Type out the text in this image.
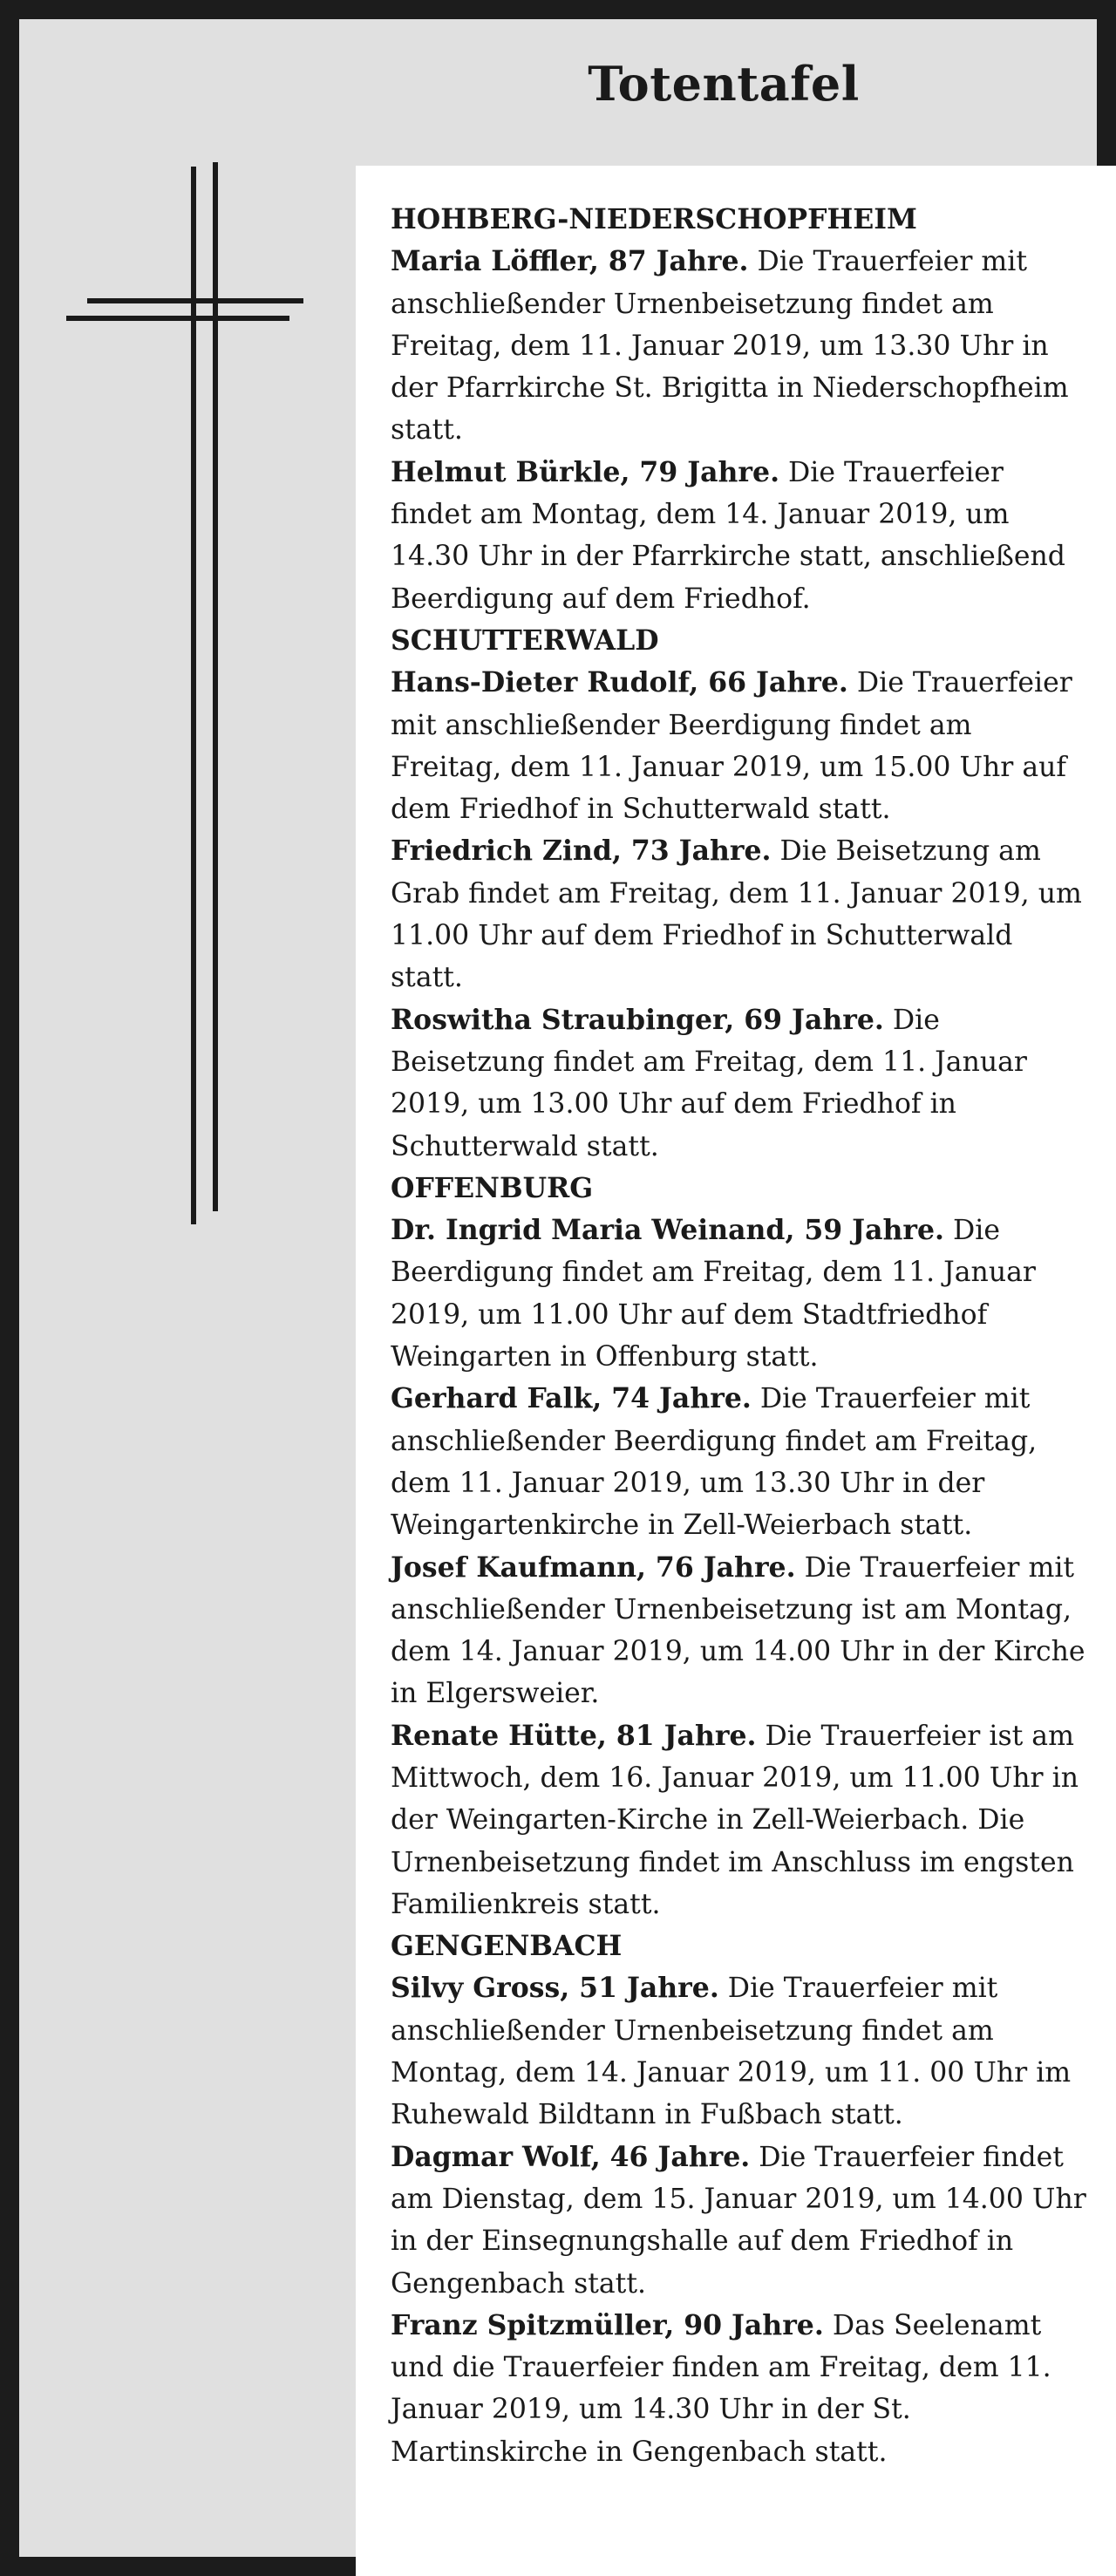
Totentafel
HOHBERG-NIEDERSCHOPFHEIM
Maria Löffler, 87 Jahre. Die Trauerfeier mit anschließender Urnenbeisetzung findet am Freitag, dem 11. Januar 2019, um 13.30 Uhr in der Pfarrkirche St. Brigitta in Niederschopfheim statt.
Helmut Bürkle, 79 Jahre. Die Trauerfeier findet am Montag, dem 14. Januar 2019, um 14.30 Uhr in der Pfarrkirche statt, anschließend Beerdigung auf dem Friedhof.
SCHUTTERWALD
Hans-Dieter Rudolf, 66 Jahre. Die Trauerfeier mit anschließender Beerdigung findet am Freitag, dem 11. Januar 2019, um 15.00 Uhr auf dem Friedhof in Schutterwald statt.
Friedrich Zind, 73 Jahre. Die Beisetzung am Grab findet am Freitag, dem 11. Januar 2019, um 11.00 Uhr auf dem Friedhof in Schutterwald statt.
Roswitha Straubinger, 69 Jahre. Die Beisetzung findet am Freitag, dem 11. Januar 2019, um 13.00 Uhr auf dem Friedhof in Schutterwald statt.
OFFENBURG
Dr. Ingrid Maria Weinand, 59 Jahre. Die Beerdigung findet am Freitag, dem 11. Januar 2019, um 11.00 Uhr auf dem Stadtfriedhof Weingarten in Offenburg statt.
Gerhard Falk, 74 Jahre. Die Trauerfeier mit anschließender Beerdigung findet am Freitag, dem 11. Januar 2019, um 13.30 Uhr in der Weingartenkirche in Zell-Weierbach statt.
Josef Kaufmann, 76 Jahre. Die Trauerfeier mit anschließender Urnenbeisetzung ist am Montag, dem 14. Januar 2019, um 14.00 Uhr in der Kirche in Elgersweier.
Renate Hütte, 81 Jahre. Die Trauerfeier ist am Mittwoch, dem 16. Januar 2019, um 11.00 Uhr in der Weingarten-Kirche in Zell-Weierbach. Die Urnenbeisetzung findet im Anschluss im engsten Familienkreis statt.
GENGENBACH
Silvy Gross, 51 Jahre. Die Trauerfeier mit anschließender Urnenbeisetzung findet am Montag, dem 14. Januar 2019, um 11. 00 Uhr im Ruhewald Bildtann in Fußbach statt.
Dagmar Wolf, 46 Jahre. Die Trauerfeier findet am Dienstag, dem 15. Januar 2019, um 14.00 Uhr in der Einsegnungshalle auf dem Friedhof in Gengenbach statt.
Franz Spitzmüller, 90 Jahre. Das Seelenamt und die Trauerfeier finden am Freitag, dem 11. Januar 2019, um 14.30 Uhr in der St. Martinskirche in Gengenbach statt.
